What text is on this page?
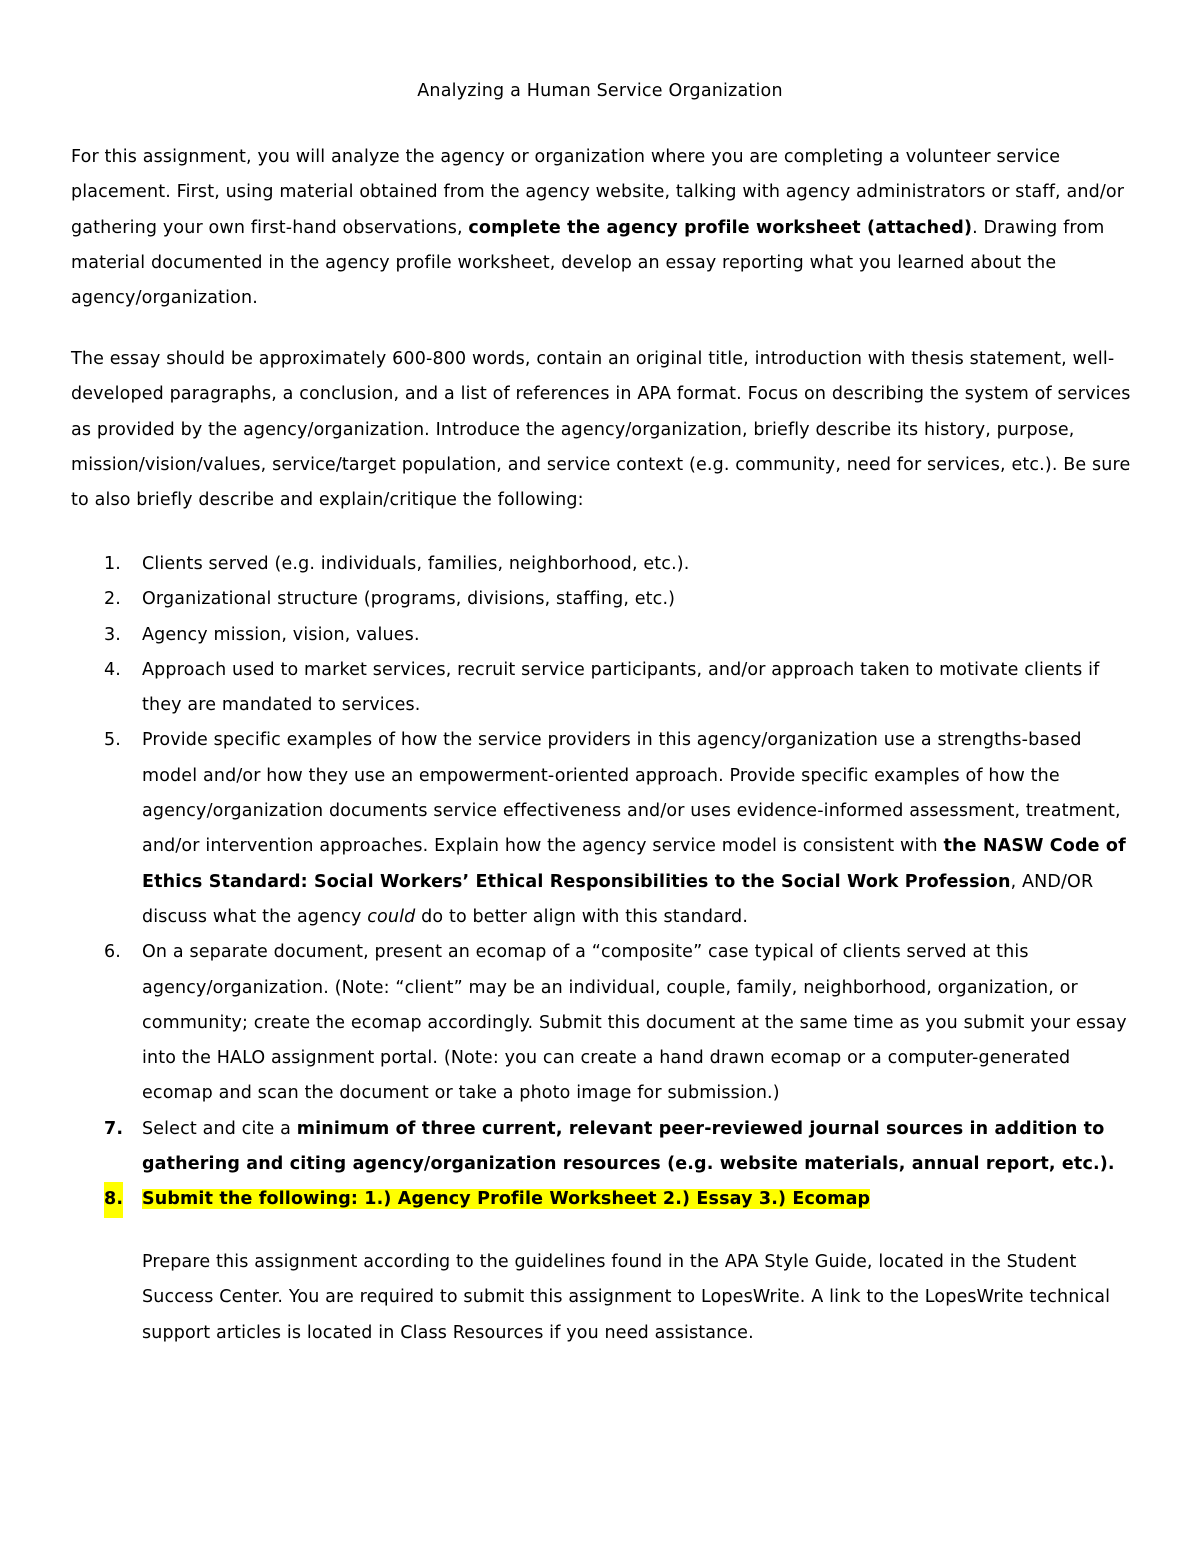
Analyzing a Human Service Organization

For this assignment, you will analyze the agency or organization where you are completing a volunteer service placement. First, using material obtained from the agency website, talking with agency administrators or staff, and/or gathering your own first-hand observations, complete the agency profile worksheet (attached). Drawing from material documented in the agency profile worksheet, develop an essay reporting what you learned about the agency/organization.

The essay should be approximately 600-800 words, contain an original title, introduction with thesis statement, well-developed paragraphs, a conclusion, and a list of references in APA format. Focus on describing the system of services as provided by the agency/organization. Introduce the agency/organization, briefly describe its history, purpose, mission/vision/values, service/target population, and service context (e.g. community, need for services, etc.). Be sure to also briefly describe and explain/critique the following:

1. Clients served (e.g. individuals, families, neighborhood, etc.).
2. Organizational structure (programs, divisions, staffing, etc.)
3. Agency mission, vision, values.
4. Approach used to market services, recruit service participants, and/or approach taken to motivate clients if they are mandated to services.
5. Provide specific examples of how the service providers in this agency/organization use a strengths-based model and/or how they use an empowerment-oriented approach. Provide specific examples of how the agency/organization documents service effectiveness and/or uses evidence-informed assessment, treatment, and/or intervention approaches. Explain how the agency service model is consistent with the NASW Code of Ethics Standard: Social Workers’ Ethical Responsibilities to the Social Work Profession, AND/OR discuss what the agency could do to better align with this standard.
6. On a separate document, present an ecomap of a “composite” case typical of clients served at this agency/organization. (Note: “client” may be an individual, couple, family, neighborhood, organization, or community; create the ecomap accordingly. Submit this document at the same time as you submit your essay into the HALO assignment portal. (Note: you can create a hand drawn ecomap or a computer-generated ecomap and scan the document or take a photo image for submission.)
7. Select and cite a minimum of three current, relevant peer-reviewed journal sources in addition to gathering and citing agency/organization resources (e.g. website materials, annual report, etc.).
8. Submit the following: 1.) Agency Profile Worksheet 2.) Essay 3.) Ecomap

Prepare this assignment according to the guidelines found in the APA Style Guide, located in the Student Success Center. You are required to submit this assignment to LopesWrite. A link to the LopesWrite technical support articles is located in Class Resources if you need assistance.
